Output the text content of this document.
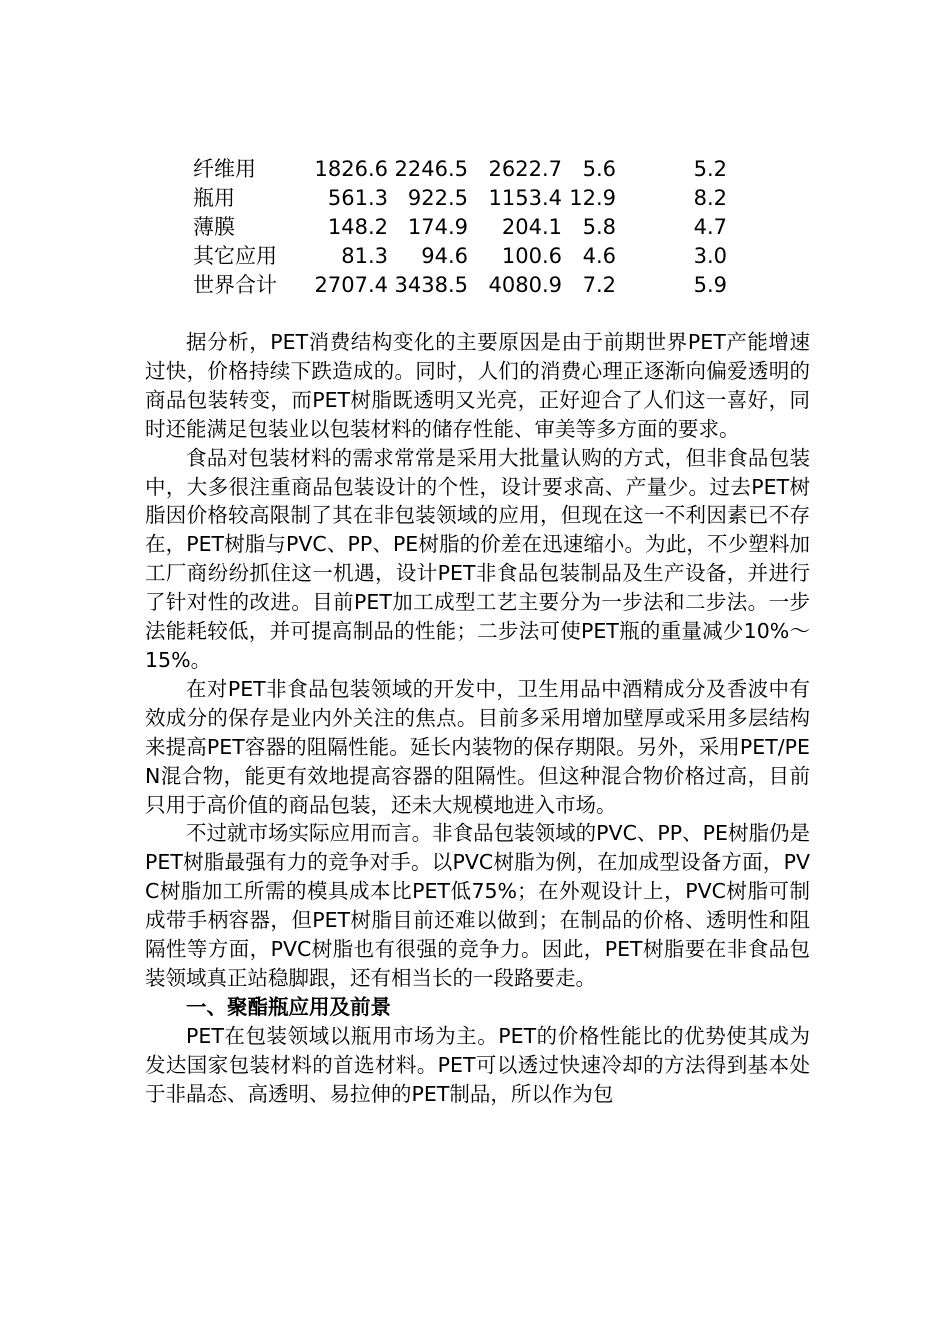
纤维用	1826.6	2246.5	2622.7	5.6	5.2
瓶用	561.3	922.5	1153.4	12.9	8.2
薄膜	148.2	174.9	204.1	5.8	4.7
其它应用	81.3	94.6	100.6	4.6	3.0
世界合计	2707.4	3438.5	4080.9	7.2	5.9

据分析，PET消费结构变化的主要原因是由于前期世界PET产能增速过快，价格持续下跌造成的。同时，人们的消费心理正逐渐向偏爱透明的商品包装转变，而PET树脂既透明又光亮，正好迎合了人们这一喜好，同时还能满足包装业以包装材料的储存性能、审美等多方面的要求。

食品对包装材料的需求常常是采用大批量认购的方式，但非食品包装中，大多很注重商品包装设计的个性，设计要求高、产量少。过去PET树脂因价格较高限制了其在非包装领域的应用，但现在这一不利因素已不存在，PET树脂与PVC、PP、PE树脂的价差在迅速缩小。为此，不少塑料加工厂商纷纷抓住这一机遇，设计PET非食品包装制品及生产设备，并进行了针对性的改进。目前PET加工成型工艺主要分为一步法和二步法。一步法能耗较低，并可提高制品的性能；二步法可使PET瓶的重量减少10%～15%。

在对PET非食品包装领域的开发中，卫生用品中酒精成分及香波中有效成分的保存是业内外关注的焦点。目前多采用增加壁厚或采用多层结构来提高PET容器的阻隔性能。延长内装物的保存期限。另外，采用PET/PEN混合物，能更有效地提高容器的阻隔性。但这种混合物价格过高，目前只用于高价值的商品包装，还未大规模地进入市场。

不过就市场实际应用而言。非食品包装领域的PVC、PP、PE树脂仍是PET树脂最强有力的竞争对手。以PVC树脂为例，在加成型设备方面，PVC树脂加工所需的模具成本比PET低75%；在外观设计上，PVC树脂可制成带手柄容器，但PET树脂目前还难以做到；在制品的价格、透明性和阻隔性等方面，PVC树脂也有很强的竞争力。因此，PET树脂要在非食品包装领域真正站稳脚跟，还有相当长的一段路要走。

一、聚酯瓶应用及前景

PET在包装领域以瓶用市场为主。PET的价格性能比的优势使其成为发达国家包装材料的首选材料。PET可以透过快速冷却的方法得到基本处于非晶态、高透明、易拉伸的PET制品，所以作为包
